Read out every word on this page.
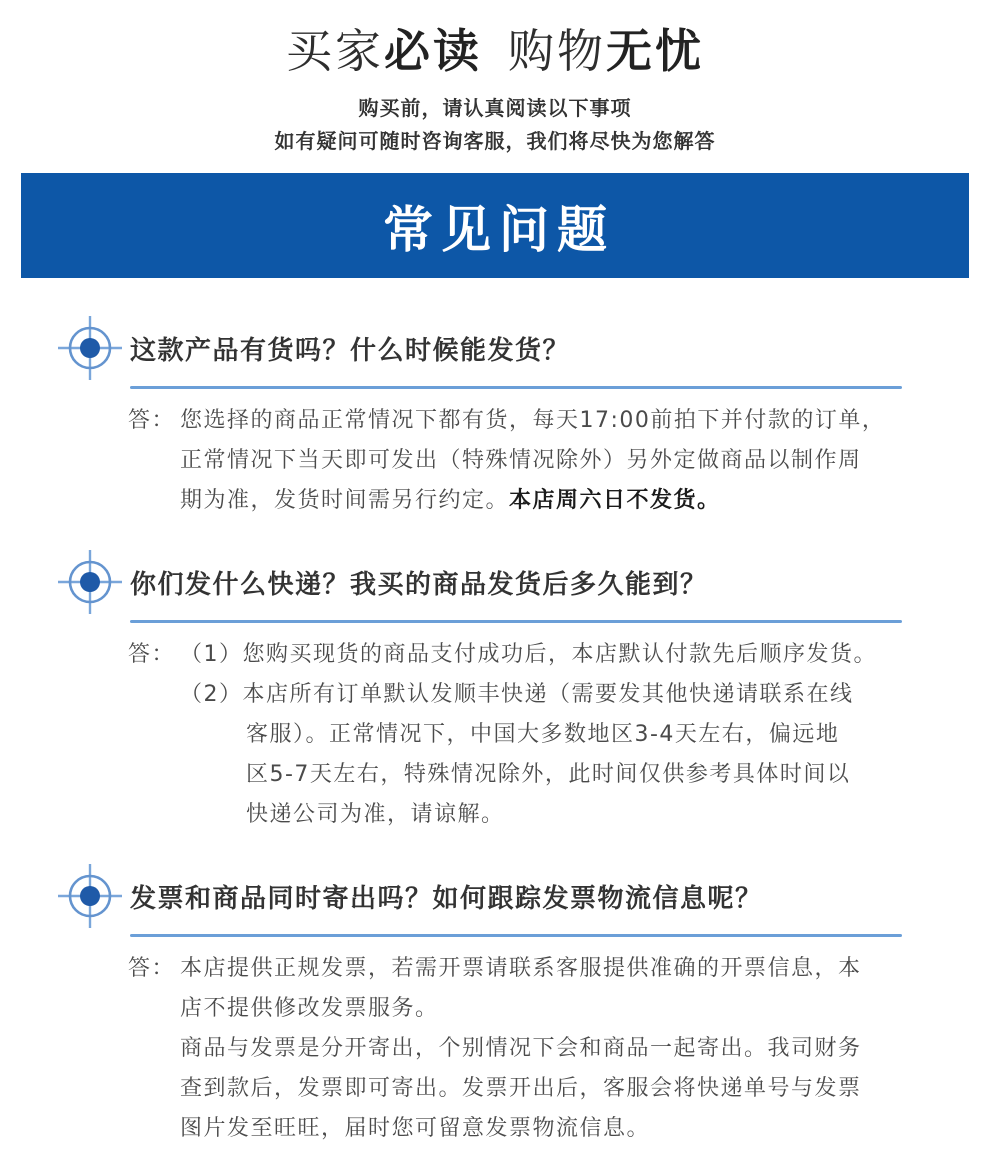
买家必读 购物无忧
购买前，请认真阅读以下事项
如有疑问可随时咨询客服，我们将尽快为您解答
常见问题
这款产品有货吗？什么时候能发货？
答： 您选择的商品正常情况下都有货，每天17:00前拍下并付款的订单，
正常情况下当天即可发出（特殊情况除外）另外定做商品以制作周
期为准，发货时间需另行约定。本店周六日不发货。
你们发什么快递？我买的商品发货后多久能到？
答： （1）您购买现货的商品支付成功后，本店默认付款先后顺序发货。
（2）本店所有订单默认发顺丰快递（需要发其他快递请联系在线
客服）。正常情况下，中国大多数地区3-4天左右，偏远地
区5-7天左右，特殊情况除外，此时间仅供参考具体时间以
快递公司为准，请谅解。
发票和商品同时寄出吗？如何跟踪发票物流信息呢？
答： 本店提供正规发票，若需开票请联系客服提供准确的开票信息，本
店不提供修改发票服务。
商品与发票是分开寄出，个别情况下会和商品一起寄出。我司财务
查到款后，发票即可寄出。发票开出后，客服会将快递单号与发票
图片发至旺旺，届时您可留意发票物流信息。
